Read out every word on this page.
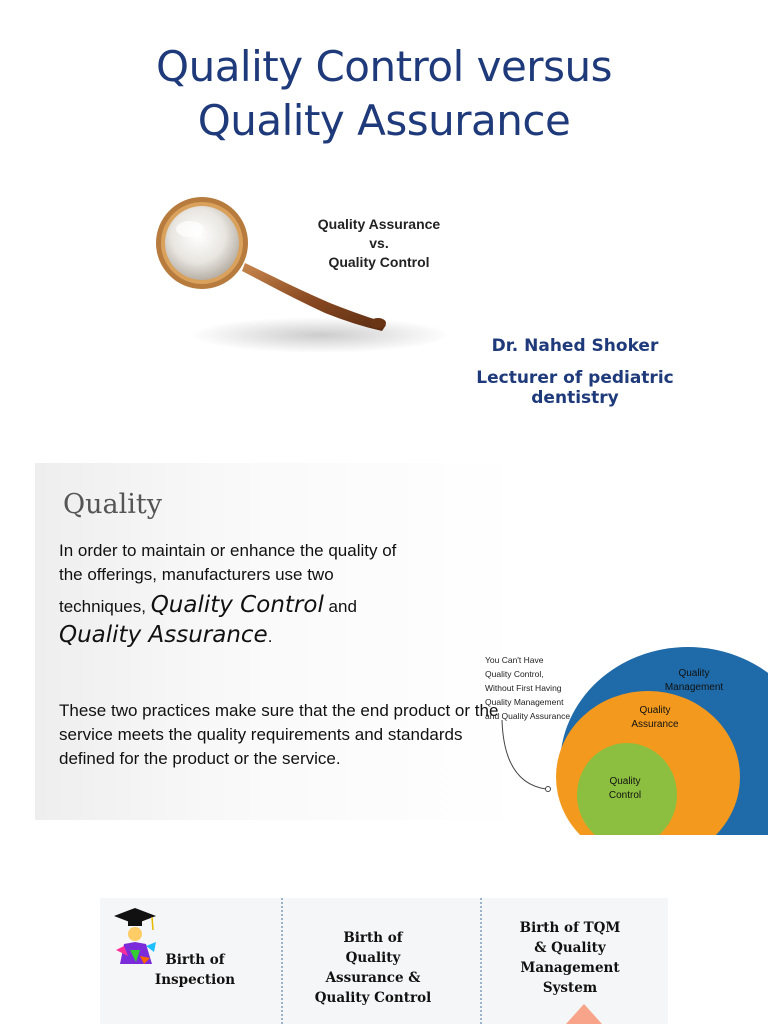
Quality Control versus
Quality Assurance
Quality Assurance
vs.
Quality Control
Dr. Nahed Shoker
Lecturer of pediatric dentistry
Quality
In order to maintain or enhance the quality of
the offerings, manufacturers use two
techniques, Quality Control and
Quality Assurance.
These two practices make sure that the end product or the service meets the quality requirements and standards defined for the product or the service.
You Can't Have
Quality Control,
Without First Having
Quality Management
and Quality Assurance
Quality
Management
Quality
Assurance
Quality
Control
Birth of
Inspection
Birth of
Quality
Assurance &
Quality Control
Birth of TQM
& Quality
Management
System
